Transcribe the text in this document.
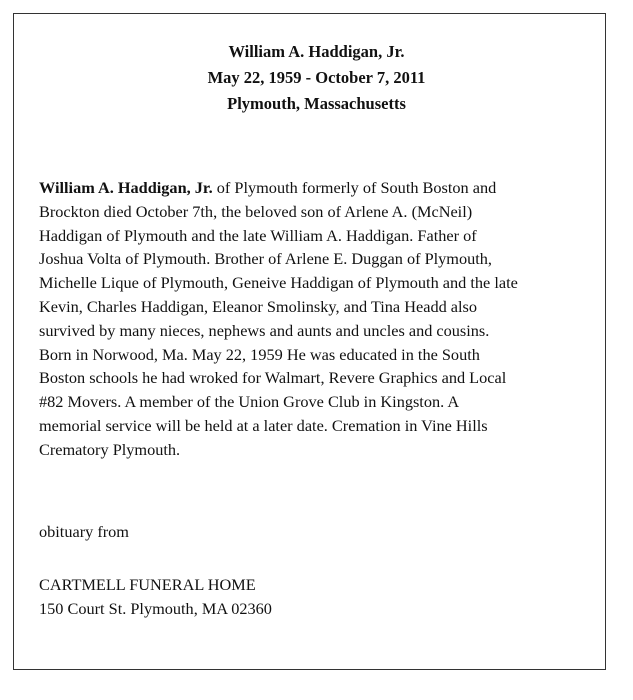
William A. Haddigan, Jr.
May 22, 1959 - October 7, 2011
Plymouth, Massachusetts
William A. Haddigan, Jr. of Plymouth formerly of South Boston and
Brockton died October 7th, the beloved son of Arlene A. (McNeil)
Haddigan of Plymouth and the late William A. Haddigan. Father of
Joshua Volta of Plymouth. Brother of Arlene E. Duggan of Plymouth,
Michelle Lique of Plymouth, Geneive Haddigan of Plymouth and the late
Kevin, Charles Haddigan, Eleanor Smolinsky, and Tina Headd also
survived by many nieces, nephews and aunts and uncles and cousins.
Born in Norwood, Ma. May 22, 1959 He was educated in the South
Boston schools he had wroked for Walmart, Revere Graphics and Local
#82 Movers. A member of the Union Grove Club in Kingston. A
memorial service will be held at a later date. Cremation in Vine Hills
Crematory Plymouth.
obituary from
CARTMELL FUNERAL HOME
150 Court St. Plymouth, MA 02360
